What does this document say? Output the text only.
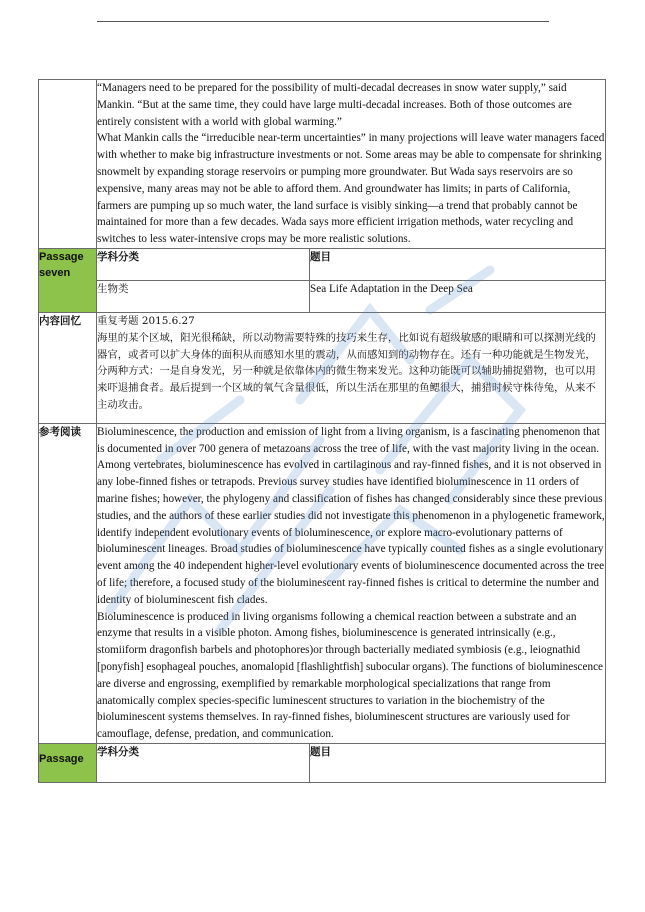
	“Managers need to be prepared for the possibility of multi-decadal decreases in snow water supply,” said Mankin. “But at the same time, they could have large multi-decadal increases. Both of those outcomes are entirely consistent with a world with global warming.”

What Mankin calls the “irreducible near-term uncertainties” in many projections will leave water managers faced with whether to make big infrastructure investments or not. Some areas may be able to compensate for shrinking snowmelt by expanding storage reservoirs or pumping more groundwater. But Wada says reservoirs are so expensive, many areas may not be able to afford them. And groundwater has limits; in parts of California, farmers are pumping up so much water, the land surface is visibly sinking—a trend that probably cannot be maintained for more than a few decades. Wada says more efficient irrigation methods, water recycling and switches to less water-intensive crops may be more realistic solutions.	

Passage seven	学科分类	题目
	生物类	Sea Life Adaptation in the Deep Sea
内容回忆	重复考题 2015.6.27

海里的某个区域，阳光很稀缺，所以动物需要特殊的技巧来生存，比如说有超级敏感的眼睛和可以探测光线的器官，或者可以扩大身体的面积从而感知水里的震动，从而感知到的动物存在。还有一种功能就是生物发光，分两种方式：一是自身发光，另一种就是依靠体内的微生物来发光。这种功能既可以辅助捕捉猎物，也可以用来吓退捕食者。最后提到一个区域的氧气含量很低，所以生活在那里的鱼鳃很大，捕猎时候守株待兔，从来不主动攻击。	

参考阅读	Bioluminescence, the production and emission of light from a living organism, is a fascinating phenomenon that is documented in over 700 genera of metazoans across the tree of life, with the vast majority living in the ocean. Among vertebrates, bioluminescence has evolved in cartilaginous and ray-finned fishes, and it is not observed in any lobe-finned fishes or tetrapods. Previous survey studies have identified bioluminescence in 11 orders of marine fishes; however, the phylogeny and classification of fishes has changed considerably since these previous studies, and the authors of these earlier studies did not investigate this phenomenon in a phylogenetic framework, identify independent evolutionary events of bioluminescence, or explore macro-evolutionary patterns of bioluminescent lineages. Broad studies of bioluminescence have typically counted fishes as a single evolutionary event among the 40 independent higher-level evolutionary events of bioluminescence documented across the tree of life; therefore, a focused study of the bioluminescent ray-finned fishes is critical to determine the number and identity of bioluminescent fish clades.

Bioluminescence is produced in living organisms following a chemical reaction between a substrate and an enzyme that results in a visible photon. Among fishes, bioluminescence is generated intrinsically (e.g., stomiiform dragonfish barbels and photophores)or through bacterially mediated symbiosis (e.g., leiognathid [ponyfish] esophageal pouches, anomalopid [flashlightfish] subocular organs). The functions of bioluminescence are diverse and engrossing, exemplified by remarkable morphological specializations that range from anatomically complex species-specific luminescent structures to variation in the biochemistry of the bioluminescent systems themselves. In ray-finned fishes, bioluminescent structures are variously used for camouflage, defense, predation, and communication.	

Passage	学科分类	题目
